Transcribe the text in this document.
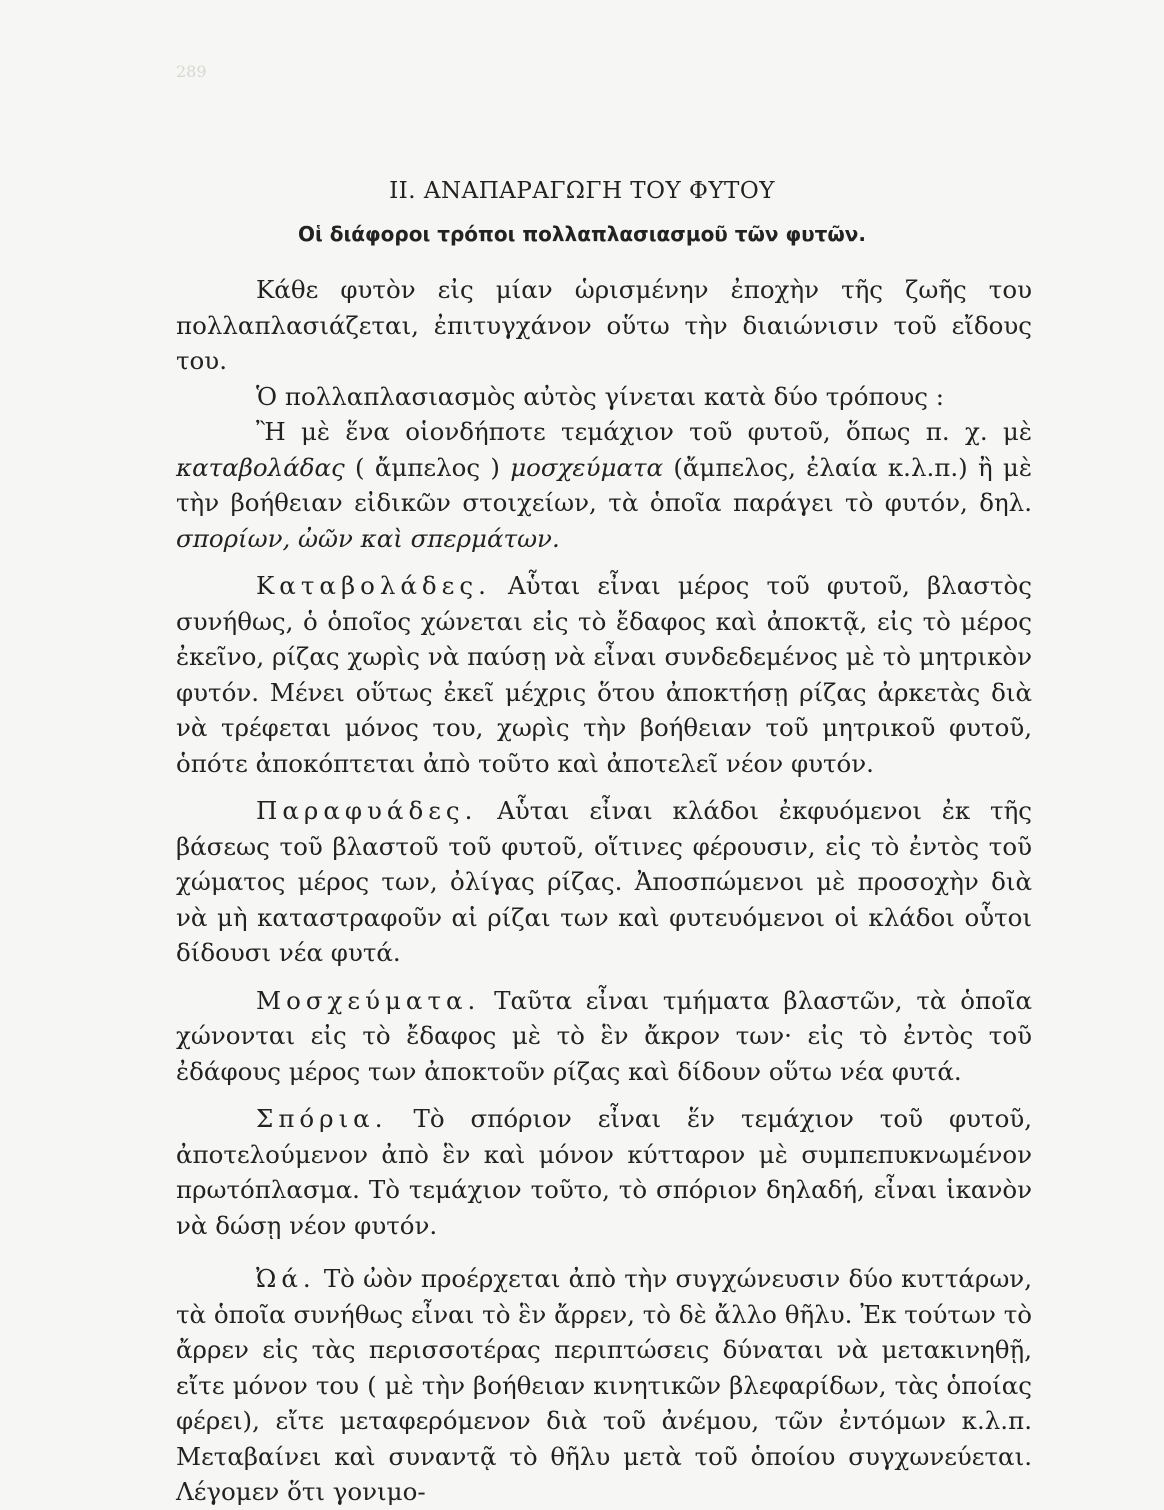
289
II. ΑΝΑΠΑΡΑΓΩΓΗ ΤΟΥ ΦΥΤΟΥ
Οἱ διάφοροι τρόποι πολλαπλασιασμοῦ τῶν φυτῶν.

Κάθε φυτὸν εἰς μίαν ὡρισμένην ἐποχὴν τῆς ζωῆς του πολλαπλασιάζεται, ἐπιτυγχάνον οὕτω τὴν διαιώνισιν τοῦ εἴδους του.

Ὁ πολλαπλασιασμὸς αὐτὸς γίνεται κατὰ δύο τρόπους :

Ἢ μὲ ἕνα οἱονδήποτε τεμάχιον τοῦ φυτοῦ, ὅπως π. χ. μὲ καταβολάδας ( ἄμπελος ) μοσχεύματα (ἄμπελος, ἐλαία κ.λ.π.) ἢ μὲ τὴν βοήθειαν εἰδικῶν στοιχείων, τὰ ὁποῖα παράγει τὸ φυτόν, δηλ. σπορίων, ὠῶν καὶ σπερμάτων.

Καταβολάδες. Αὗται εἶναι μέρος τοῦ φυτοῦ, βλαστὸς συνήθως, ὁ ὁποῖος χώνεται εἰς τὸ ἔδαφος καὶ ἀποκτᾷ, εἰς τὸ μέρος ἐκεῖνο, ρίζας χωρὶς νὰ παύσῃ νὰ εἶναι συνδεδεμένος μὲ τὸ μητρικὸν φυτόν. Μένει οὕτως ἐκεῖ μέχρις ὅτου ἀποκτήσῃ ρίζας ἀρκετὰς διὰ νὰ τρέφεται μόνος του, χωρὶς τὴν βοήθειαν τοῦ μητρικοῦ φυτοῦ, ὁπότε ἀποκόπτεται ἀπὸ τοῦτο καὶ ἀποτελεῖ νέον φυτόν.

Παραφυάδες. Αὗται εἶναι κλάδοι ἐκφυόμενοι ἐκ τῆς βάσεως τοῦ βλαστοῦ τοῦ φυτοῦ, οἵτινες φέρουσιν, εἰς τὸ ἐντὸς τοῦ χώματος μέρος των, ὀλίγας ρίζας. Ἀποσπώμενοι μὲ προσοχὴν διὰ νὰ μὴ καταστραφοῦν αἱ ρίζαι των καὶ φυτευόμενοι οἱ κλάδοι οὗτοι δίδουσι νέα φυτά.

Μοσχεύματα. Ταῦτα εἶναι τμήματα βλαστῶν, τὰ ὁποῖα χώνονται εἰς τὸ ἔδαφος μὲ τὸ ἓν ἄκρον των· εἰς τὸ ἐντὸς τοῦ ἐδάφους μέρος των ἀποκτοῦν ρίζας καὶ δίδουν οὕτω νέα φυτά.

Σπόρια. Τὸ σπόριον εἶναι ἕν τεμάχιον τοῦ φυτοῦ, ἀποτελούμενον ἀπὸ ἓν καὶ μόνον κύτταρον μὲ συμπεπυκνωμένον πρωτόπλασμα. Τὸ τεμάχιον τοῦτο, τὸ σπόριον δηλαδή, εἶναι ἱκανὸν νὰ δώσῃ νέον φυτόν.

Ὠά. Τὸ ὠὸν προέρχεται ἀπὸ τὴν συγχώνευσιν δύο κυττάρων, τὰ ὁποῖα συνήθως εἶναι τὸ ἓν ἄρρεν, τὸ δὲ ἄλλο θῆλυ. Ἐκ τούτων τὸ ἄρρεν εἰς τὰς περισσοτέρας περιπτώσεις δύναται νὰ μετακινηθῇ, εἴτε μόνον του ( μὲ τὴν βοήθειαν κινητικῶν βλεφαρίδων, τὰς ὁποίας φέρει), εἴτε μεταφερόμενον διὰ τοῦ ἀνέμου, τῶν ἐντόμων κ.λ.π. Μεταβαίνει καὶ συναντᾷ τὸ θῆλυ μετὰ τοῦ ὁποίου συγχωνεύεται. Λέγομεν ὅτι γονιμο-
